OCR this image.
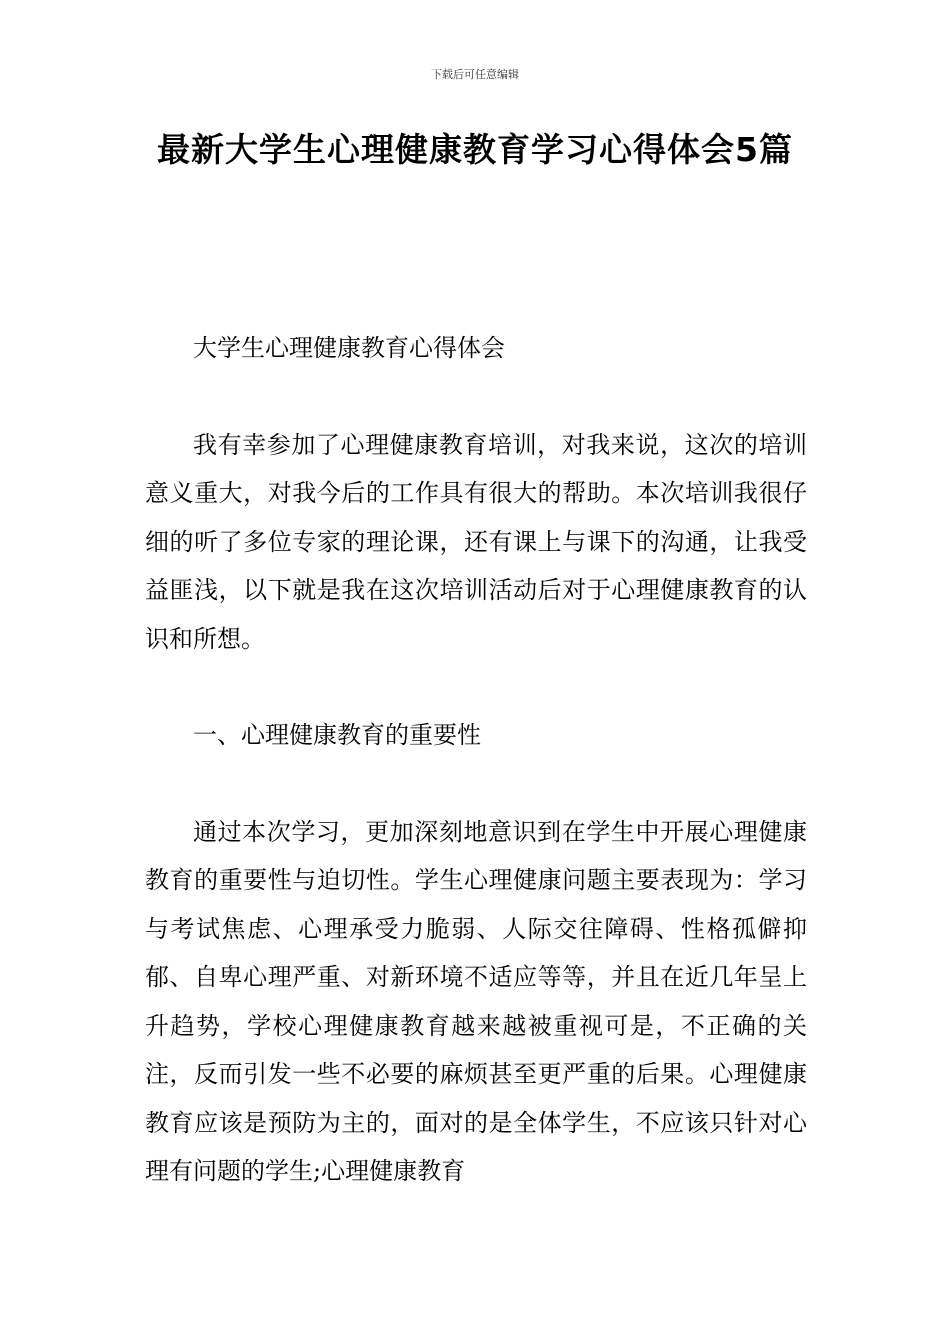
下载后可任意编辑
最新大学生心理健康教育学习心得体会5篇

大学生心理健康教育心得体会

我有幸参加了心理健康教育培训，对我来说，这次的培训意义重大，对我今后的工作具有很大的帮助。本次培训我很仔细的听了多位专家的理论课，还有课上与课下的沟通，让我受益匪浅，以下就是我在这次培训活动后对于心理健康教育的认识和所想。

一、心理健康教育的重要性

通过本次学习，更加深刻地意识到在学生中开展心理健康教育的重要性与迫切性。学生心理健康问题主要表现为：学习与考试焦虑、心理承受力脆弱、人际交往障碍、性格孤僻抑郁、自卑心理严重、对新环境不适应等等，并且在近几年呈上升趋势，学校心理健康教育越来越被重视可是，不正确的关注，反而引发一些不必要的麻烦甚至更严重的后果。心理健康教育应该是预防为主的，面对的是全体学生，不应该只针对心理有问题的学生;心理健康教育
